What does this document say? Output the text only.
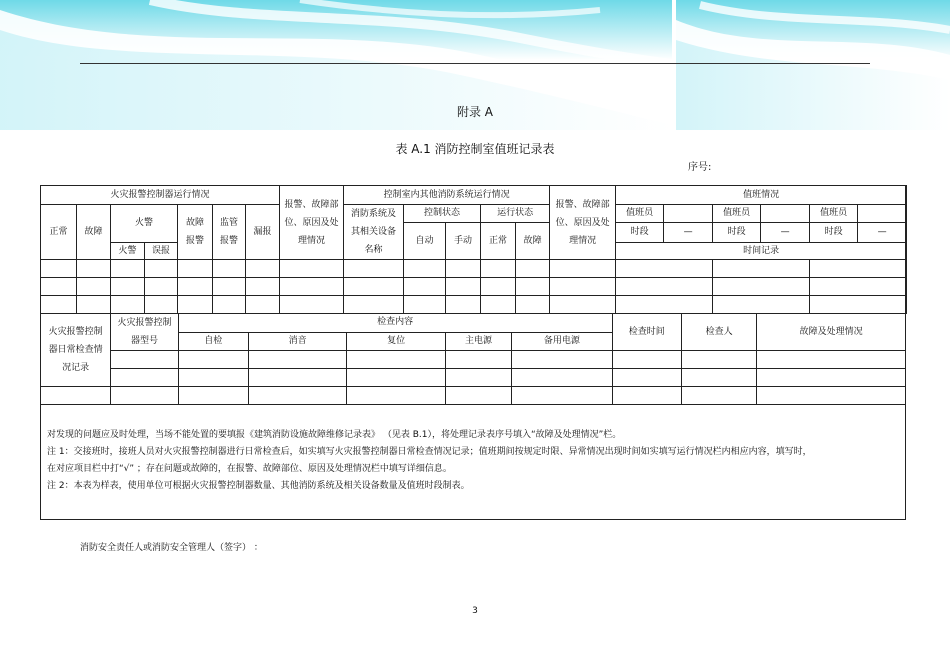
附录 A
表 A.1 消防控制室值班记录表
序号:
火灾报警控制器运行情况							报警、故障部位、原因及处理情况	控制室内其他消防系统运行情况					报警、故障部位、原因及处理情况	值班情况					
正常	故障	火警		故障报警	监管报警	漏报		消防系统及其相关设备名称	控制状态		运行状态			值班员		值班员		值班员	
									自动	手动	正常	故障		时段	—	时段	—	时段	—
		火警	误报											时间记录					

火灾报警控制器日常检查情况记录	火灾报警控制器型号	检查内容					检查时间	检查人	故障及处理情况
		自检	消音	复位	主电源	备用电源			

对发现的问题应及时处理，当场不能处置的要填报《建筑消防设施故障维修记录表》 （见表 B.1），将处理记录表序号填入“故障及处理情况”栏。

注 1：交接班时，接班人员对火灾报警控制器进行日常检查后，如实填写火灾报警控制器日常检查情况记录；值班期间按规定时限、异常情况出现时间如实填写运行情况栏内相应内容，填写时，

在对应项目栏中打“√” ；存在问题或故障的，在报警、故障部位、原因及处理情况栏中填写详细信息。

注 2：本表为样表，使用单位可根据火灾报警控制器数量、其他消防系统及相关设备数量及值班时段制表。

消防安全责任人或消防安全管理人（签字） ：
3
